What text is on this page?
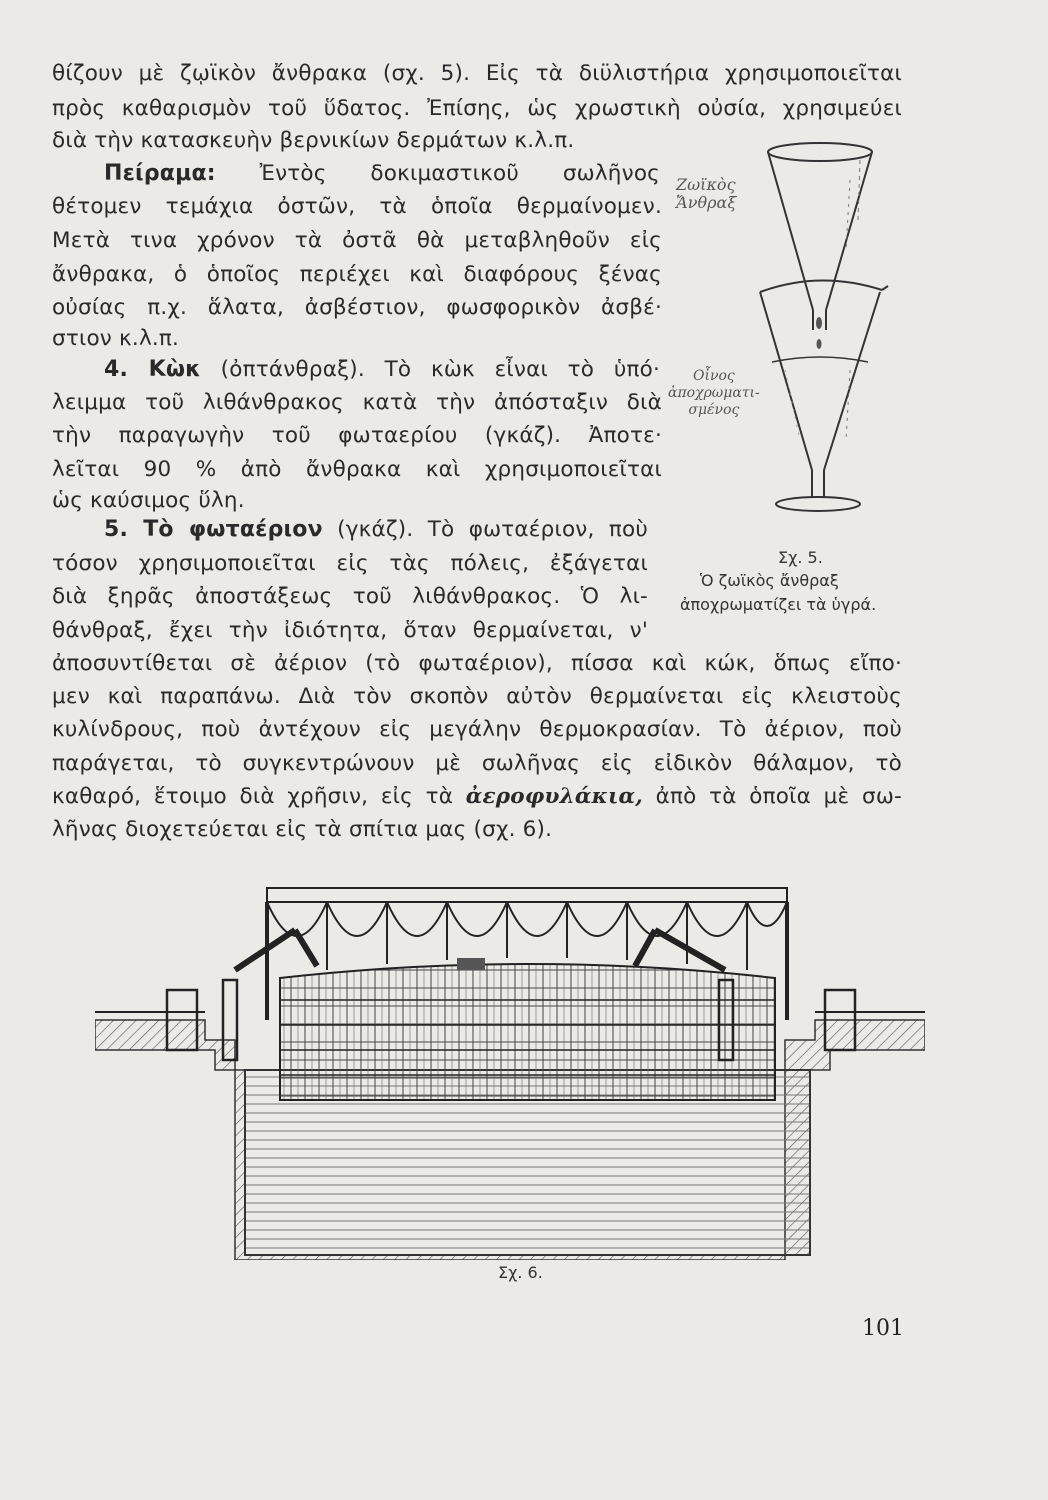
θίζουν μὲ ζῳϊκὸν ἄνθρακα (σχ. 5). Εἰς τὰ διϋλιστήρια χρησιμοποιεῖται
πρὸς καθαρισμὸν τοῦ ὕδατος. Ἐπίσης, ὡς χρωστικὴ οὐσία, χρησιμεύει
διὰ τὴν κατασκευὴν βερνικίων δερμάτων κ.λ.π.
Πείραμα: Ἐντὸς δοκιμαστικοῦ σωλῆνος
θέτομεν τεμάχια ὀστῶν, τὰ ὁποῖα θερμαίνομεν.
Μετὰ τινα χρόνον τὰ ὀστᾶ θὰ μεταβληθοῦν εἰς
ἄνθρακα, ὁ ὁποῖος περιέχει καὶ διαφόρους ξένας
οὐσίας π.χ. ἅλατα, ἀσβέστιον, φωσφορικὸν ἀσβέ·
στιον κ.λ.π.
4. Κὼκ (ὀπτάνθραξ). Τὸ κὼκ εἶναι τὸ ὑπό·
λειμμα τοῦ λιθάνθρακος κατὰ τὴν ἀπόσταξιν διὰ
τὴν παραγωγὴν τοῦ φωταερίου (γκάζ). Ἀποτε·
λεῖται 90 % ἀπὸ ἄνθρακα καὶ χρησιμοποιεῖται
ὡς καύσιμος ὕλη.
5. Τὸ φωταέριον (γκάζ). Τὸ φωταέριον, ποὺ
τόσον χρησιμοποιεῖται εἰς τὰς πόλεις, ἐξάγεται
διὰ ξηρᾶς ἀποστάξεως τοῦ λιθάνθρακος. Ὁ λι-
θάνθραξ, ἔχει τὴν ἰδιότητα, ὅταν θερμαίνεται, ν'
ἀποσυντίθεται σὲ ἀέριον (τὸ φωταέριον), πίσσα καὶ κώκ, ὅπως εἴπο·
μεν καὶ παραπάνω. Διὰ τὸν σκοπὸν αὐτὸν θερμαίνεται εἰς κλειστοὺς
κυλίνδρους, ποὺ ἀντέχουν εἰς μεγάλην θερμοκρασίαν. Τὸ ἀέριον, ποὺ
παράγεται, τὸ συγκεντρώνουν μὲ σωλῆνας εἰς εἰδικὸν θάλαμον, τὸ
καθαρό, ἕτοιμο διὰ χρῆσιν, εἰς τὰ ἀεροφυλάκια, ἀπὸ τὰ ὁποῖα μὲ σω-
λῆνας διοχετεύεται εἰς τὰ σπίτια μας (σχ. 6).
Ζωϊκὸς
Ἄνθραξ
Οἶνος
ἀποχρωματι-
σμένος
Σχ. 5.
Ὁ ζωϊκὸς ἄνθραξ
ἀποχρωματίζει τὰ ὑγρά.
Σχ. 6.
101
